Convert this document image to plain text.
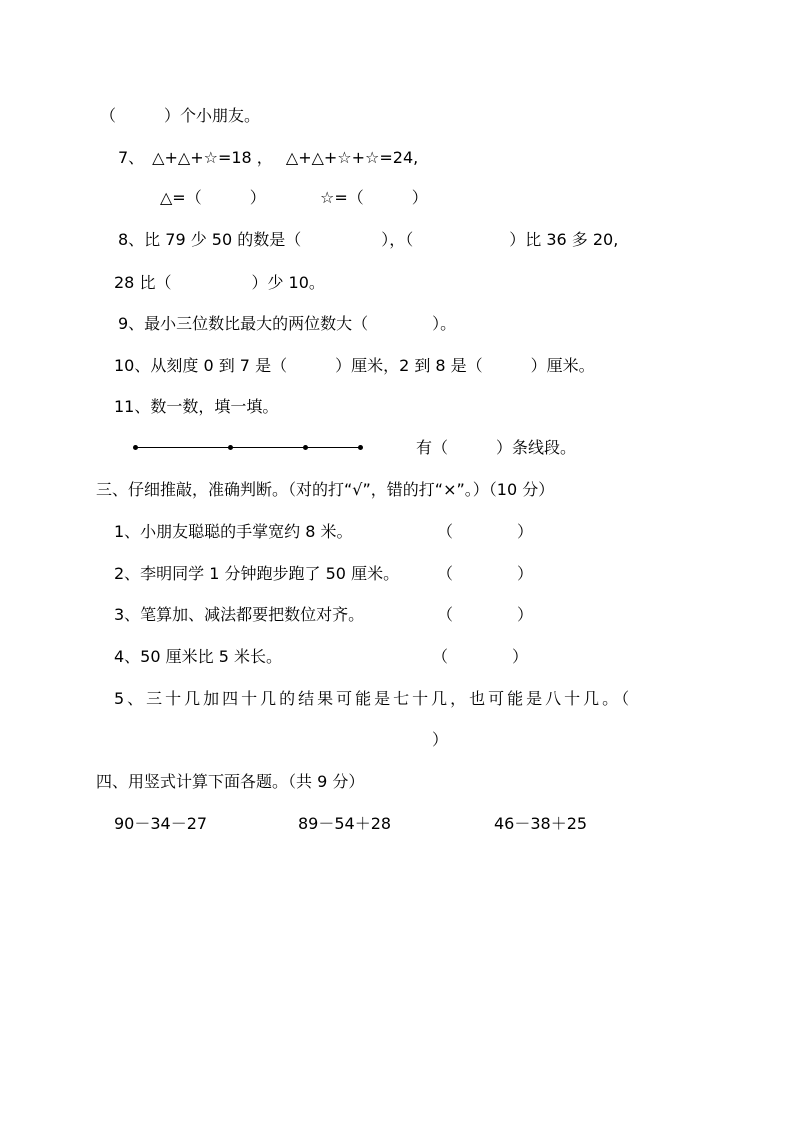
（　　　）个小朋友。
7、　△+△+☆=18 ，　 △+△+☆+☆=24,
△=（　　　）	☆=（　　　）
8、比 79 少 50 的数是（　　　　　），（　　　　　　）比 36 多 20,
28 比（　　　　　）少 10。
9、最小三位数比最大的两位数大（　　　　）。
10、从刻度 0 到 7 是（　　　）厘米，2 到 8 是（　　　）厘米。
11、数一数，填一填。
有（　　　）条线段。
三、仔细推敲，准确判断。（对的打“√”，错的打“×”。）（10 分）
1、小朋友聪聪的手掌宽约 8 米。	（　　　　）
2、李明同学 1 分钟跑步跑了 50 厘米。 （　　　　）
3、笔算加、减法都要把数位对齐。	（　　　　）
4、50 厘米比 5 米长。	（　　　　）
5、三十几加四十几的结果可能是七十几，也可能是八十几。（
）
四、用竖式计算下面各题。（共 9 分）
90－34－27	89－54＋28	46－38＋25
